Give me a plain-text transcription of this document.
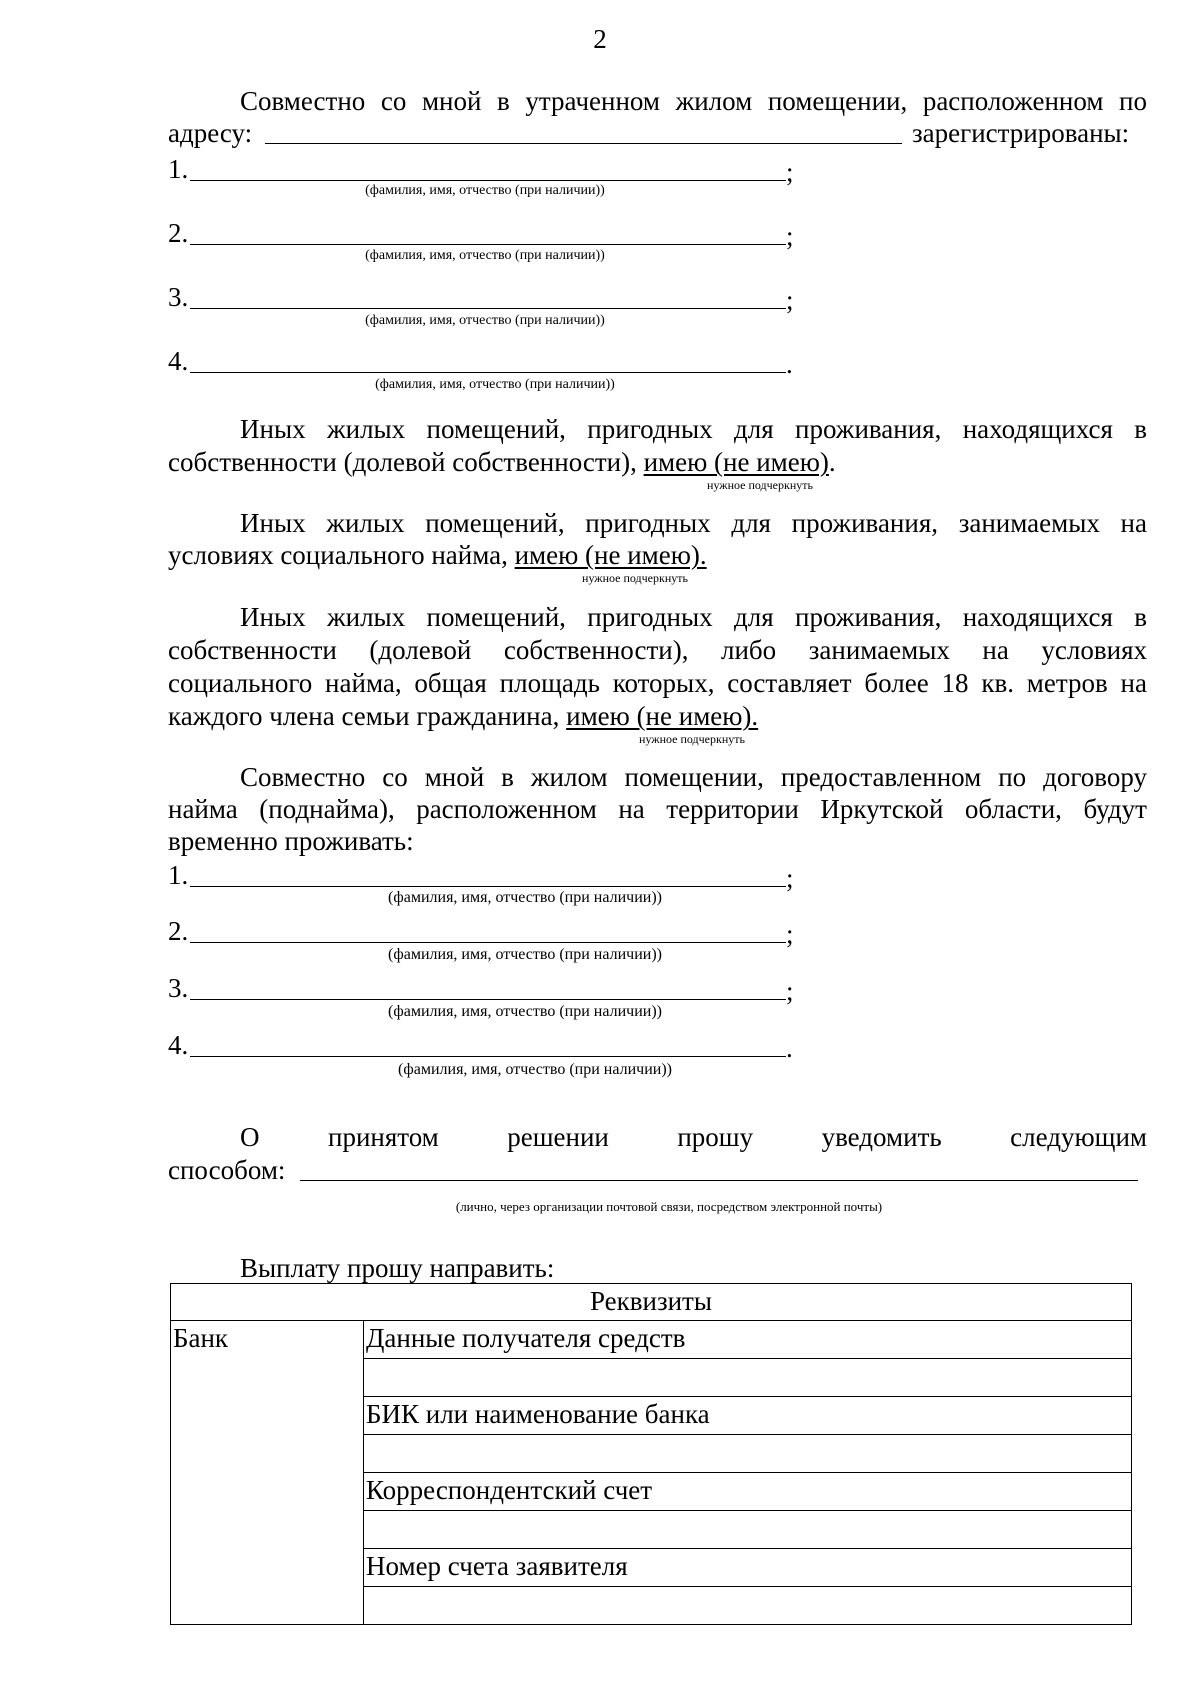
2
Совместно со мной в утраченном жилом помещении, расположенном по
адресу:	зарегистрированы:
1.	;
(фамилия, имя, отчество (при наличии))
2.	;
(фамилия, имя, отчество (при наличии))
3.	;
(фамилия, имя, отчество (при наличии))
4.	.
(фамилия, имя, отчество (при наличии))
Иных жилых помещений, пригодных для проживания, находящихся в
собственности (долевой собственности), имею (не имею).
нужное подчеркнуть
Иных жилых помещений, пригодных для проживания, занимаемых на
условиях социального найма, имею (не имею).
нужное подчеркнуть
Иных жилых помещений, пригодных для проживания, находящихся в
собственности (долевой собственности), либо занимаемых на условиях
социального найма, общая площадь которых, составляет более 18 кв. метров на
каждого члена семьи гражданина, имею (не имею).
нужное подчеркнуть
Совместно со мной в жилом помещении, предоставленном по договору
найма (поднайма), расположенном на территории Иркутской области, будут
временно проживать:
1.	;
(фамилия, имя, отчество (при наличии))
2.	;
(фамилия, имя, отчество (при наличии))
3.	;
(фамилия, имя, отчество (при наличии))
4.	.
(фамилия, имя, отчество (при наличии))
О принятом решении прошу уведомить следующим
способом:
(лично, через организации почтовой связи, посредством электронной почты)
Выплату прошу направить:
Реквизиты
Банк	Данные получателя средств

БИК или наименование банка

Корреспондентский счет

Номер счета заявителя
